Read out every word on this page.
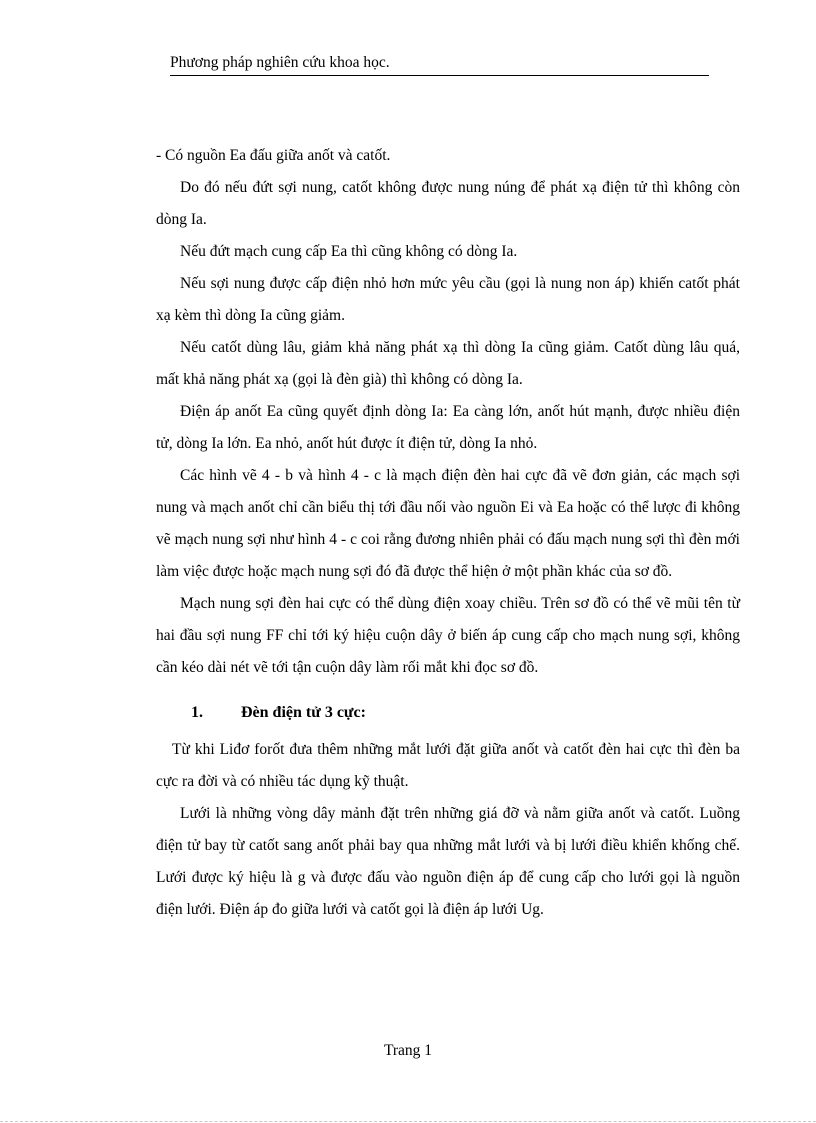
Phương pháp nghiên cứu khoa học.

- Có nguồn Ea đấu giữa anốt và catốt.

Do đó nếu đứt sợi nung, catốt không được nung núng để phát xạ điện tử thì không còn dòng Ia.

Nếu đứt mạch cung cấp Ea thì cũng không có dòng Ia.

Nếu sợi nung được cấp điện nhỏ hơn mức yêu cầu (gọi là nung non áp) khiến catốt phát xạ kèm thì dòng Ia cũng giảm.

Nếu catốt dùng lâu, giảm khả năng phát xạ thì dòng Ia cũng giảm. Catốt dùng lâu quá, mất khả năng phát xạ (gọi là đèn già) thì không có dòng Ia.

Điện áp anốt Ea cũng quyết định dòng Ia: Ea càng lớn, anốt hút mạnh, được nhiều điện tử, dòng Ia lớn. Ea nhỏ, anốt hút được ít điện tử, dòng Ia nhỏ.

Các hình vẽ 4 - b và hình 4 - c là mạch điện đèn hai cực đã vẽ đơn giản, các mạch sợi nung và mạch anốt chỉ cần biểu thị tới đầu nối vào nguồn Ei và Ea hoặc có thể lược đi không vẽ mạch nung sợi như hình 4 - c coi rằng đương nhiên phải có đấu mạch nung sợi thì đèn mới làm việc được hoặc mạch nung sợi đó đã được thể hiện ở một phần khác của sơ đồ.

Mạch nung sợi đèn hai cực có thể dùng điện xoay chiều. Trên sơ đồ có thể vẽ mũi tên từ hai đầu sợi nung FF chỉ tới ký hiệu cuộn dây ở biến áp cung cấp cho mạch nung sợi, không cần kéo dài nét vẽ tới tận cuộn dây làm rối mắt khi đọc sơ đồ.

1. Đèn điện tử 3 cực:

Từ khi Liđơ forốt đưa thêm những mắt lưới đặt giữa anốt và catốt đèn hai cực thì đèn ba cực ra đời và có nhiều tác dụng kỹ thuật.

Lưới là những vòng dây mảnh đặt trên những giá đỡ và nằm giữa anốt và catốt. Luồng điện tử bay từ catốt sang anốt phải bay qua những mắt lưới và bị lưới điều khiển khống chế. Lưới được ký hiệu là g và được đấu vào nguồn điện áp để cung cấp cho lưới gọi là nguồn điện lưới. Điện áp đo giữa lưới và catốt gọi là điện áp lưới Ug.

Trang 1
